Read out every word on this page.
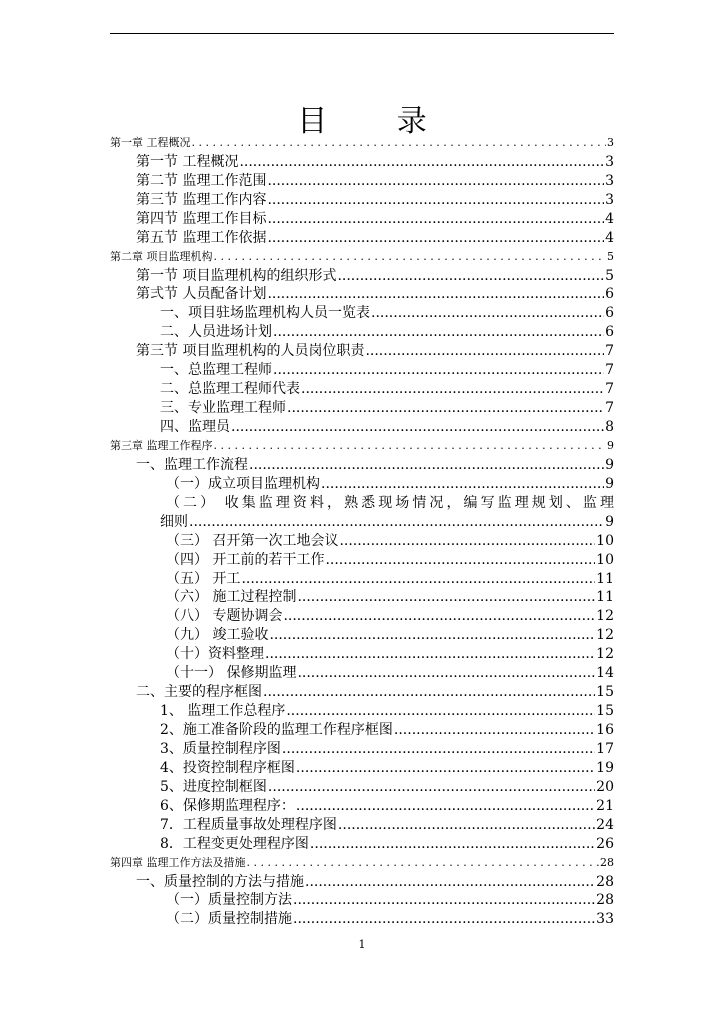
目 录
第一章 工程概况 . . .	3
第一节 工程概况 .....	3
第二节 监理工作范围 .....	3
第三节 监理工作内容 .....	3
第四节 监理工作目标 .....	4
第五节 监理工作依据 .....	4
第二章 项目监理机构 . . .	5
第一节 项目监理机构的组织形式 .....	5
第弍节 人员配备计划 .....	6
一、项目驻场监理机构人员一览表 .....	6
二、人员进场计划 .....	6
第三节 项目监理机构的人员岗位职责 .....	7
一、总监理工程师 .....	7
二、总监理工程师代表 .....	7
三、专业监理工程师 .....	7
四、监理员 .....	8
第三章 监理工作程序 . . .	9
一、监理工作流程 .....	9
（一）成立项目监理机构 .....	9
（二） 收集监理资料，熟悉现场情况，编写监理规划、监理
细则 .....	9
（三） 召开第一次工地会议 .....	10
（四） 开工前的若干工作 .....	10
（五） 开工 .....	11
（六） 施工过程控制 .....	11
（八） 专题协调会 .....	12
（九） 竣工验收 .....	12
（十）资料整理 .....	12
（十一） 保修期监理 .....	14
二、主要的程序框图 .....	15
1、 监理工作总程序 .....	15
2、施工准备阶段的监理工作程序框图 .....	16
3、质量控制程序图 .....	17
4、投资控制程序框图 .....	19
5、进度控制框图 .....	20
6、保修期监理程序： .....	21
7．工程质量事故处理程序图 .....	24
8．工程变更处理程序图 .....	26
第四章 监理工作方法及措施 . . .	28
一、质量控制的方法与措施 .....	28
（一）质量控制方法 .....	28
（二）质量控制措施 .....	33
1
